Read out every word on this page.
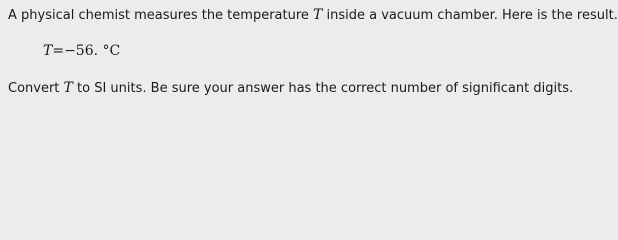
A physical chemist measures the temperature T inside a vacuum chamber. Here is the result.
T=−56. °C
Convert T to SI units. Be sure your answer has the correct number of significant digits.
